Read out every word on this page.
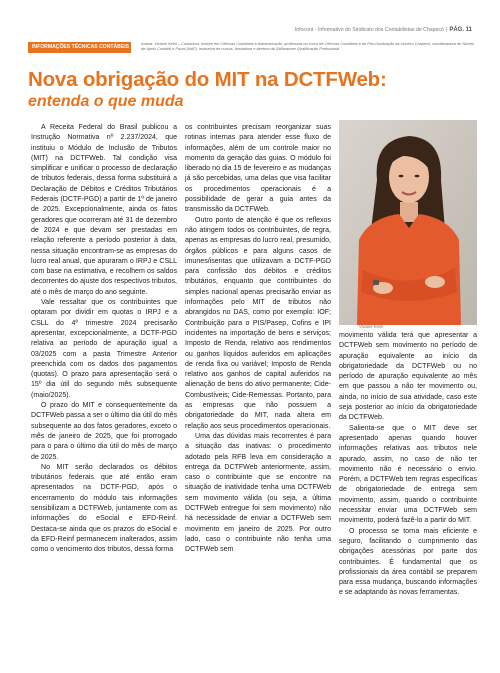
Infocont - Informativo do Sindicato dos Contabilistas de Chapecó | PÁG. 11
INFORMAÇÕES TÉCNICAS CONTÁBEIS	Autora: Viviane Keim – Contadora, mestre em Ciências Contábeis e Administração, professora no curso de Ciências Contábeis e de Pós-Graduação da Unoesc Chapecó, coordenadora do Núcleo de Apoio Contábil e Fiscal (NAF), instrutora de cursos, fundadora e diretora da Skillmanner Qualificação Profissional
Nova obrigação do MIT na DCTFWeb:
entenda o que muda

A Receita Federal do Brasil publicou a Instrução Normativa nº 2.237/2024, que instituiu o Módulo de Inclusão de Tributos (MIT) na DCTFWeb. Tal condição visa simplificar e unificar o processo de declaração de tributos federais, dessa forma substituirá a Declaração de Débitos e Créditos Tributários Federais (DCTF-PGD) a partir de 1º de janeiro de 2025. Excepcionalmente, ainda os fatos geradores que ocorreram até 31 de dezembro de 2024 e que devam ser prestadas em relação referente a período posterior à data, nessa situação encontram-se as empresas do lucro real anual, que apuraram o IRPJ e CSLL com base na estimativa, e recolhem os saldos decorrentes do ajuste dos respectivos tributos, até o mês de março do ano seguinte.

Vale ressaltar que os contribuintes que optaram por dividir em quotas o IRPJ e a CSLL do 4º trimestre 2024 precisarão apresentar, excepcionalmente, a DCTF-PGD relativa ao período de apuração igual a 03/2025 com a pasta Trimestre Anterior preenchida com os dados dos pagamentos (quotas). O prazo para apresentação será o 15º dia útil do segundo mês subsequente (maio/2025).

O prazo do MIT e consequentemente da DCTFWeb passa a ser o último dia útil do mês subsequente ao dos fatos geradores, exceto o mês de janeiro de 2025, que foi prorrogado para o para o último dia útil do mês de março de 2025.

No MIT serão declarados os débitos tributários federais que até então eram apresentados na DCTF-PGD, após o encerramento do módulo tais informações sensibilizam a DCTFWeb, juntamente com as informações do eSocial e EFD-Reinf. Destaca-se ainda que os prazos do eSocial e da EFD-Reinf permanecem inalterados, assim como o vencimento dos tributos, dessa forma

os contribuintes precisam reorganizar suas rotinas internas para atender esse fluxo de informações, além de um controle maior no momento da geração das guias. O módulo foi liberado no dia 15 de fevereiro e as mudanças já são percebidas, uma delas que visa facilitar os procedimentos operacionais é a possibilidade de gerar a guia antes da transmissão da DCTFWeb.

Outro ponto de atenção é que os reflexos não atingem todos os contribuintes, de regra, apenas as empresas do lucro real, presumido, órgãos públicos e para alguns casos de imunes/isentas que utilizavam a DCTF-PGD para confissão dos débitos e créditos tributários, enquanto que contribuintes do simples nacional apenas precisarão enviar as informações pelo MIT de tributos não abrangidos no DAS, como por exemplo: IOF; Contribuição para o PIS/Pasep, Cofins e IPI incidentes na importação de bens e serviços; Imposto de Renda, relativo aos rendimentos ou ganhos líquidos auferidos em aplicações de renda fixa ou variável; Imposto de Renda relativo aos ganhos de capital auferidos na alienação de bens do ativo permanente; Cide-Combustíveis; Cide-Remessas. Portanto, para as empresas que não possuem a obrigatoriedade do MIT, nada altera em relação aos seus procedimentos operacionais.

Uma das dúvidas mais recorrentes é para a situação das inativas: o procedimento adotado pela RFB leva em consideração a entrega da DCTFWeb anteriormente, assim, caso o contribuinte que se encontre na situação de inatividade tenha uma DCTFWeb sem movimento válida (ou seja, a última DCTFWeb entregue foi sem movimento) não há necessidade de enviar a DCTFWeb sem movimento em janeiro de 2025. Por outro lado, caso o contribuinte não tenha uma DCTFWeb sem

Viviane Keim

movimento válida terá que apresentar a DCTFWeb sem movimento no período de apuração equivalente ao início da obrigatoriedade da DCTFWeb ou no período de apuração equivalente ao mês em que passou a não ter movimento ou, ainda, no início de sua atividade, caso este seja posterior ao início da obrigatoriedade da DCTFWeb.

Salienta-se que o MIT deve ser apresentado apenas quando houver informações relativas aos tributos nele apurado, assim, no caso de não ter movimento não é necessário o envio. Porém, a DCTFWeb tem regras específicas de obrigatoriedade de entrega sem movimento, assim, quando o contribuinte necessitar enviar uma DCTFWeb sem movimento, poderá fazê-lo a partir do MIT.

O processo se torna mais eficiente e seguro, facilitando o cumprimento das obrigações acessórias por parte dos contribuintes. É fundamental que os profissionais da área contábil se preparem para essa mudança, buscando informações e se adaptando às novas ferramentas.
